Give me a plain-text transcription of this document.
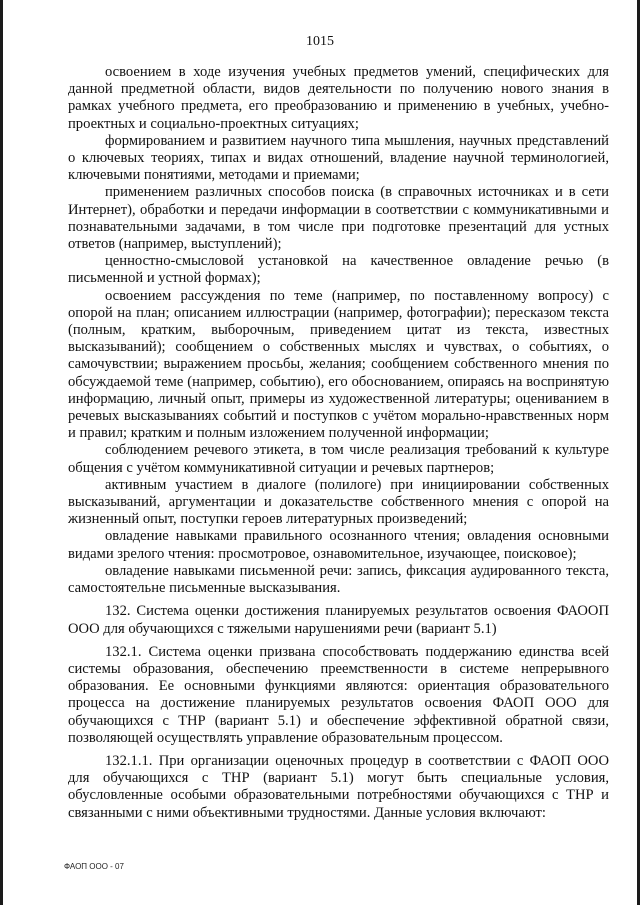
1015

освоением в ходе изучения учебных предметов умений, специфических для данной предметной области, видов деятельности по получению нового знания в рамках учебного предмета, его преобразованию и применению в учебных, учебно-проектных и социально-проектных ситуациях;

формированием и развитием научного типа мышления, научных представлений о ключевых теориях, типах и видах отношений, владение научной терминологией, ключевыми понятиями, методами и приемами;

применением различных способов поиска (в справочных источниках и в сети Интернет), обработки и передачи информации в соответствии с коммуникативными и познавательными задачами, в том числе при подготовке презентаций для устных ответов (например, выступлений);

ценностно-смысловой установкой на качественное овладение речью (в письменной и устной формах);

освоением рассуждения по теме (например, по поставленному вопросу) с опорой на план; описанием иллюстрации (например, фотографии); пересказом текста (полным, кратким, выборочным, приведением цитат из текста, известных высказываний); сообщением о собственных мыслях и чувствах, о событиях, о самочувствии; выражением просьбы, желания; сообщением собственного мнения по обсуждаемой теме (например, событию), его обоснованием, опираясь на воспринятую информацию, личный опыт, примеры из художественной литературы; оцениванием в речевых высказываниях событий и поступков с учётом морально-нравственных норм и правил; кратким и полным изложением полученной информации;

соблюдением речевого этикета, в том числе реализация требований к культуре общения с учётом коммуникативной ситуации и речевых партнеров;

активным участием в диалоге (полилоге) при инициировании собственных высказываний, аргументации и доказательстве собственного мнения с опорой на жизненный опыт, поступки героев литературных произведений;

овладение навыками правильного осознанного чтения; овладения основными видами зрелого чтения: просмотровое, ознавомительное, изучающее, поисковое);

овладение навыками письменной речи: запись, фиксация аудированного текста, самостоятельне письменные высказывания.

132. Система оценки достижения планируемых результатов освоения ФАООП ООО для обучающихся с тяжелыми нарушениями речи (вариант 5.1)

132.1. Система оценки призвана способствовать поддержанию единства всей системы образования, обеспечению преемственности в системе непрерывного образования. Ее основными функциями являются: ориентация образовательного процесса на достижение планируемых результатов освоения ФАОП ООО для обучающихся с ТНР (вариант 5.1) и обеспечение эффективной обратной связи, позволяющей осуществлять управление образовательным процессом.

132.1.1. При организации оценочных процедур в соответствии с ФАОП ООО для обучающихся с ТНР (вариант 5.1) могут быть специальные условия, обусловленные особыми образовательными потребностями обучающихся с ТНР и связанными с ними объективными трудностями. Данные условия включают:

ФАОП ООО - 07
